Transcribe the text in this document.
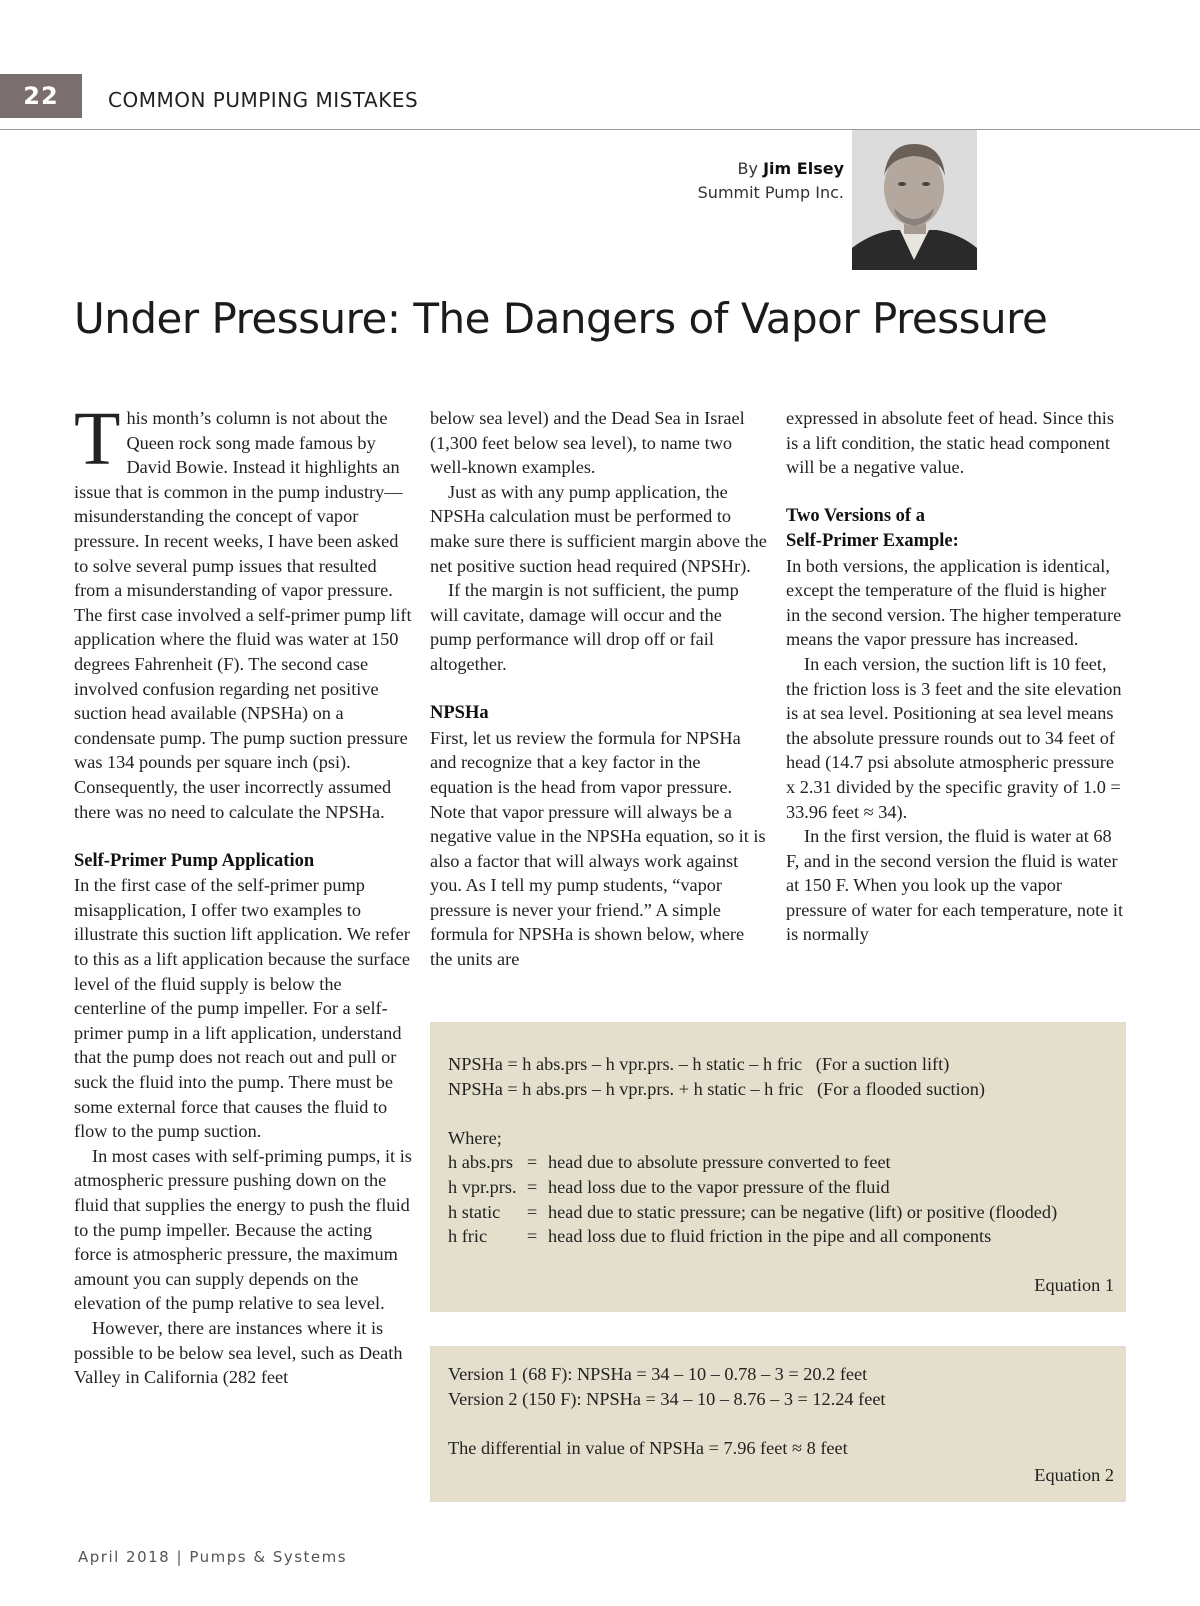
22	COMMON PUMPING MISTAKES
By Jim Elsey
Summit Pump Inc.
Under Pressure: The Dangers of Vapor Pressure

This month’s column is not about the Queen rock song made famous by David Bowie. Instead it highlights an issue that is common in the pump industry—misunderstanding the concept of vapor pressure. In recent weeks, I have been asked to solve several pump issues that resulted from a misunderstanding of vapor pressure. The first case involved a self-primer pump lift application where the fluid was water at 150 degrees Fahrenheit (F). The second case involved confusion regarding net positive suction head available (NPSHa) on a condensate pump. The pump suction pressure was 134 pounds per square inch (psi). Consequently, the user incorrectly assumed there was no need to calculate the NPSHa.

Self-Primer Pump Application

In the first case of the self-primer pump misapplication, I offer two examples to illustrate this suction lift application. We refer to this as a lift application because the surface level of the fluid supply is below the centerline of the pump impeller. For a self-primer pump in a lift application, understand that the pump does not reach out and pull or suck the fluid into the pump. There must be some external force that causes the fluid to flow to the pump suction.

In most cases with self-priming pumps, it is atmospheric pressure pushing down on the fluid that supplies the energy to push the fluid to the pump impeller. Because the acting force is atmospheric pressure, the maximum amount you can supply depends on the elevation of the pump relative to sea level.

However, there are instances where it is possible to be below sea level, such as Death Valley in California (282 feet

below sea level) and the Dead Sea in Israel (1,300 feet below sea level), to name two well-known examples.

Just as with any pump application, the NPSHa calculation must be performed to make sure there is sufficient margin above the net positive suction head required (NPSHr).

If the margin is not sufficient, the pump will cavitate, damage will occur and the pump performance will drop off or fail altogether.

NPSHa

First, let us review the formula for NPSHa and recognize that a key factor in the equation is the head from vapor pressure. Note that vapor pressure will always be a negative value in the NPSHa equation, so it is also a factor that will always work against you. As I tell my pump students, “vapor pressure is never your friend.” A simple formula for NPSHa is shown below, where the units are

expressed in absolute feet of head. Since this is a lift condition, the static head component will be a negative value.

Two Versions of a
Self-Primer Example:

In both versions, the application is identical, except the temperature of the fluid is higher in the second version. The higher temperature means the vapor pressure has increased.

In each version, the suction lift is 10 feet, the friction loss is 3 feet and the site elevation is at sea level. Positioning at sea level means the absolute pressure rounds out to 34 feet of head (14.7 psi absolute atmospheric pressure x 2.31 divided by the specific gravity of 1.0 = 33.96 feet ≈ 34).

In the first version, the fluid is water at 68 F, and in the second version the fluid is water at 150 F. When you look up the vapor pressure of water for each temperature, note it is normally

NPSHa = h abs.prs – h vpr.prs. – h static – h fric   (For a suction lift)
NPSHa = h abs.prs – h vpr.prs. + h static – h fric   (For a flooded suction)
Where;
h abs.prs = head due to absolute pressure converted to feet
h vpr.prs. = head loss due to the vapor pressure of the fluid
h static	= head due to static pressure; can be negative (lift) or positive (flooded)
h fric	= head loss due to fluid friction in the pipe and all components
Equation 1
Version 1 (68 F): NPSHa = 34 – 10 – 0.78 – 3 = 20.2 feet
Version 2 (150 F): NPSHa = 34 – 10 – 8.76 – 3 = 12.24 feet
The differential in value of NPSHa = 7.96 feet ≈ 8 feet
Equation 2
April 2018 | Pumps & Systems
